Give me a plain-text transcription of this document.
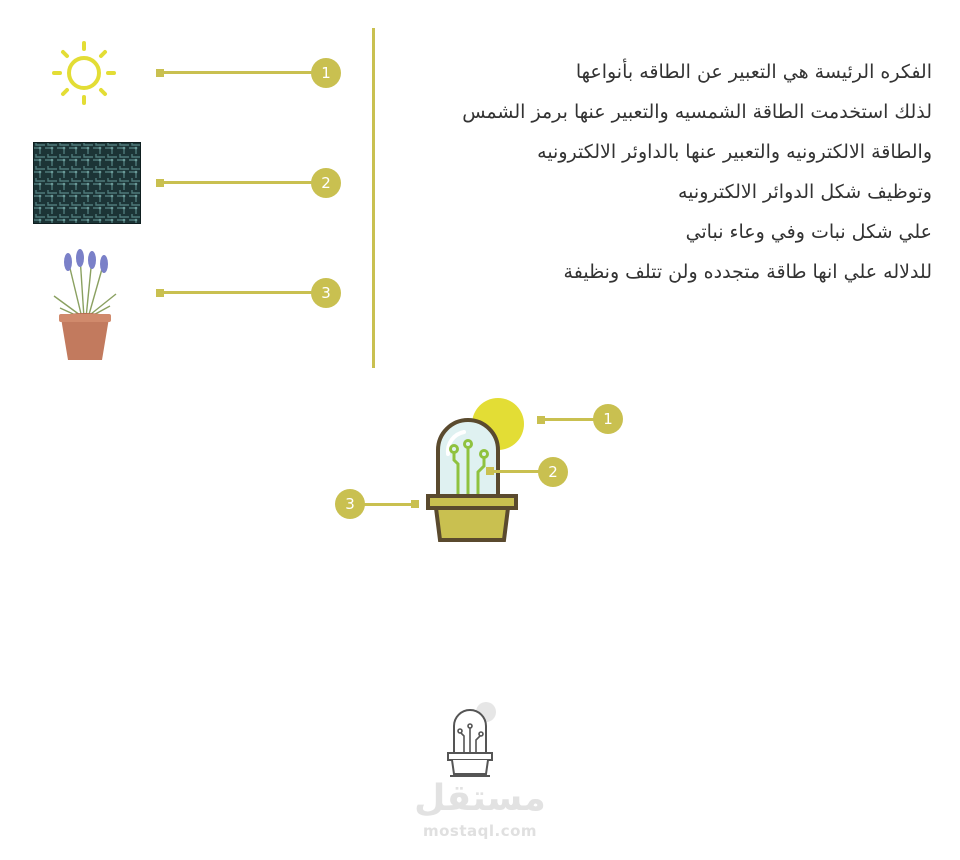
1
2
3
الفكره الرئيسة هي التعبير عن الطاقه بأنواعها
لذلك استخدمت الطاقة الشمسيه والتعبير عنها برمز الشمس
والطاقة الالكترونيه والتعبير عنها بالداوئر الالكترونيه
وتوظيف شكل الدوائر الالكترونيه
علي شكل نبات وفي وعاء نباتي
للدلاله علي انها طاقة متجدده ولن تتلف ونظيفة
1
2
3
مستقل
mostaql.com
